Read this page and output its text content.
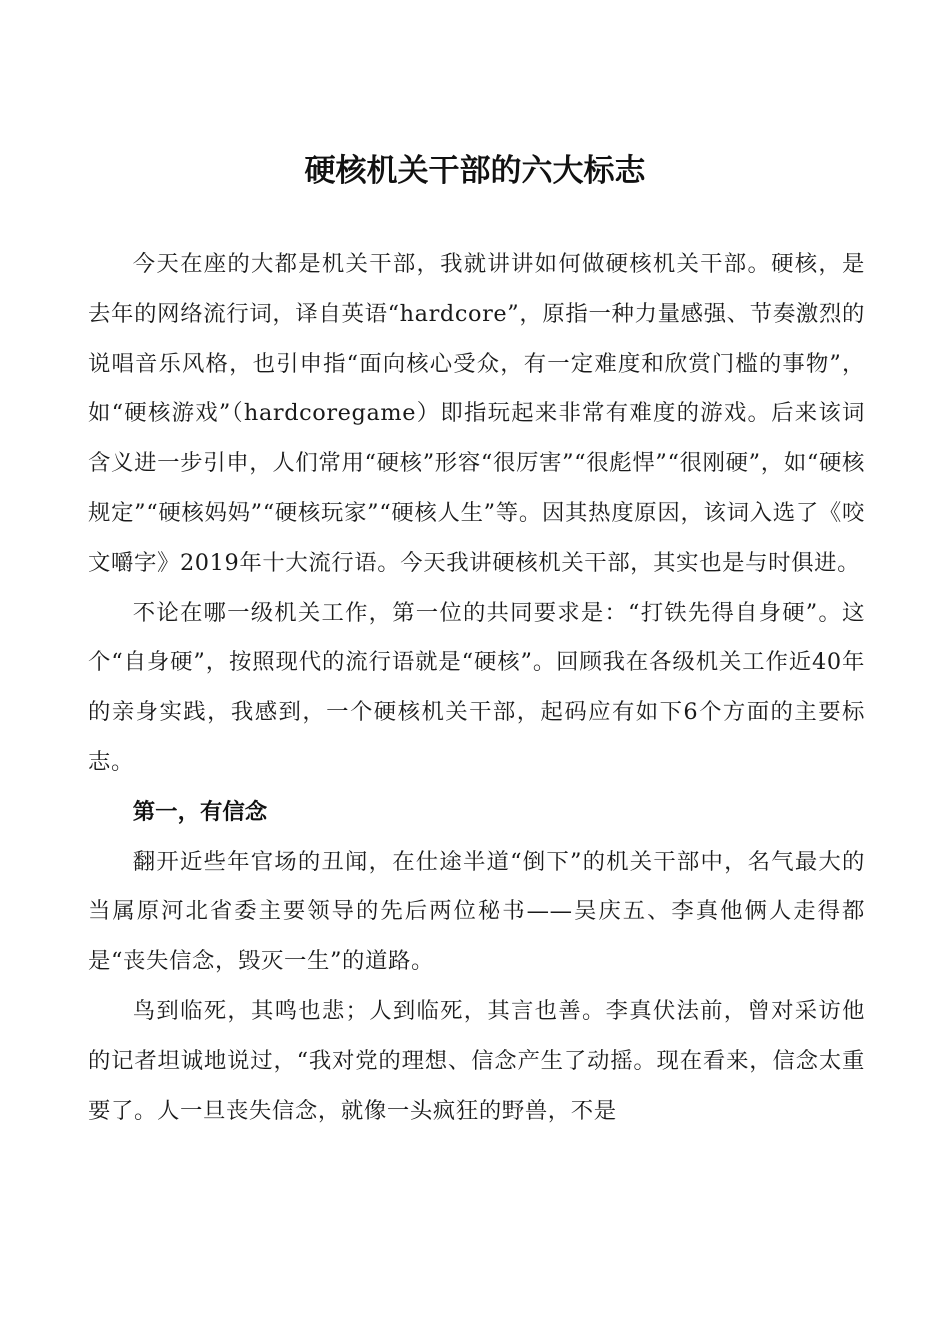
硬核机关干部的六大标志

今天在座的大都是机关干部，我就讲讲如何做硬核机关干部。硬核，是去年的网络流行词，译自英语“hardcore”，原指一种力量感强、节奏激烈的说唱音乐风格，也引申指“面向核心受众，有一定难度和欣赏门槛的事物”，如“硬核游戏”（hardcoregame）即指玩起来非常有难度的游戏。后来该词含义进一步引申，人们常用“硬核”形容“很厉害”“很彪悍”“很刚硬”，如“硬核规定”“硬核妈妈”“硬核玩家”“硬核人生”等。因其热度原因，该词入选了《咬文嚼字》2019年十大流行语。今天我讲硬核机关干部，其实也是与时俱进。

不论在哪一级机关工作，第一位的共同要求是：“打铁先得自身硬”。这个“自身硬”，按照现代的流行语就是“硬核”。回顾我在各级机关工作近40年的亲身实践，我感到，一个硬核机关干部，起码应有如下6个方面的主要标志。

第一，有信念

翻开近些年官场的丑闻，在仕途半道“倒下”的机关干部中，名气最大的当属原河北省委主要领导的先后两位秘书——吴庆五、李真他俩人走得都是“丧失信念，毁灭一生”的道路。

鸟到临死，其鸣也悲；人到临死，其言也善。李真伏法前，曾对采访他的记者坦诚地说过，“我对党的理想、信念产生了动摇。现在看来，信念太重要了。人一旦丧失信念，就像一头疯狂的野兽，不是
